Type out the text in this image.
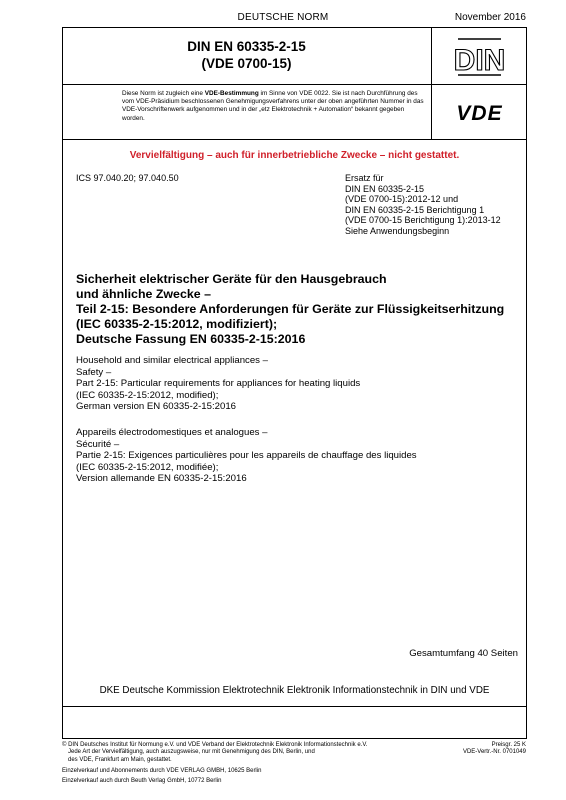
DEUTSCHE NORM	November 2016
DIN EN 60335-2-15
(VDE 0700-15)	DIN
Diese Norm ist zugleich eine VDE-Bestimmung im Sinne von VDE 0022. Sie ist nach Durchführung des vom VDE-Präsidium beschlossenen Genehmigungsverfahrens unter der oben angeführten Nummer in das VDE-Vorschriftenwerk aufgenommen und in der „etz Elektrotechnik + Automation“ bekannt gegeben worden.	VDE
Vervielfältigung – auch für innerbetriebliche Zwecke – nicht gestattet.
ICS 97.040.20; 97.040.50	Ersatz für
DIN EN 60335-2-15
(VDE 0700-15):2012-12 und
DIN EN 60335-2-15 Berichtigung 1
(VDE 0700-15 Berichtigung 1):2013-12
Siehe Anwendungsbeginn
Sicherheit elektrischer Geräte für den Hausgebrauch
und ähnliche Zwecke –
Teil 2-15: Besondere Anforderungen für Geräte zur Flüssigkeitserhitzung
(IEC 60335-2-15:2012, modifiziert);
Deutsche Fassung EN 60335-2-15:2016
Household and similar electrical appliances –
Safety –
Part 2-15: Particular requirements for appliances for heating liquids
(IEC 60335-2-15:2012, modified);
German version EN 60335-2-15:2016
Appareils électrodomestiques et analogues –
Sécurité –
Partie 2-15: Exigences particulières pour les appareils de chauffage des liquides
(IEC 60335-2-15:2012, modifiée);
Version allemande EN 60335-2-15:2016
Gesamtumfang 40 Seiten
DKE Deutsche Kommission Elektrotechnik Elektronik Informationstechnik in DIN und VDE
© DIN Deutsches Institut für Normung e.V. und VDE Verband der Elektrotechnik Elektronik Informationstechnik e.V.
Jede Art der Vervielfältigung, auch auszugsweise, nur mit Genehmigung des DIN, Berlin, und
des VDE, Frankfurt am Main, gestattet.
Preisgr. 25 K
VDE-Vertr.-Nr. 0701049
Einzelverkauf und Abonnements durch VDE VERLAG GMBH, 10625 Berlin
Einzelverkauf auch durch Beuth Verlag GmbH, 10772 Berlin
